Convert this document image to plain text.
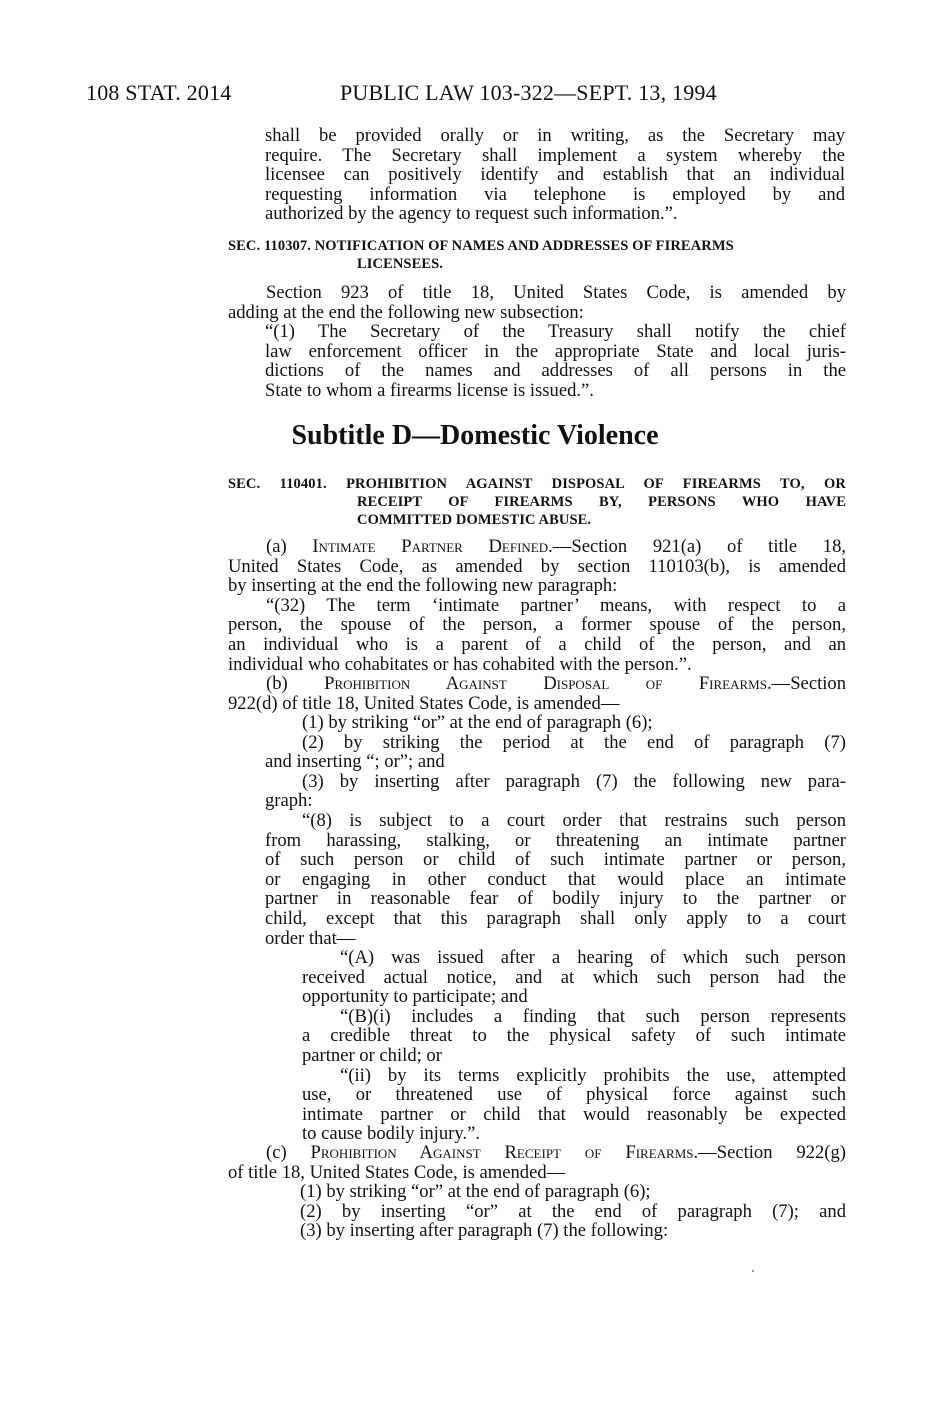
108 STAT. 2014	PUBLIC LAW 103-322—SEPT. 13, 1994
shall be provided orally or in writing, as the Secretary may
require. The Secretary shall implement a system whereby the
licensee can positively identify and establish that an individual
requesting information via telephone is employed by and
authorized by the agency to request such information.”.
SEC. 110307. NOTIFICATION OF NAMES AND ADDRESSES OF FIREARMS
LICENSEES.
Section 923 of title 18, United States Code, is amended by
adding at the end the following new subsection:
“(1) The Secretary of the Treasury shall notify the chief
law enforcement officer in the appropriate State and local juris-
dictions of the names and addresses of all persons in the
State to whom a firearms license is issued.”.
Subtitle D—Domestic Violence
SEC. 110401. PROHIBITION AGAINST DISPOSAL OF FIREARMS TO, OR
RECEIPT OF FIREARMS BY, PERSONS WHO HAVE
COMMITTED DOMESTIC ABUSE.
(a) Intimate Partner Defined.—Section 921(a) of title 18,
United States Code, as amended by section 110103(b), is amended
by inserting at the end the following new paragraph:
“(32) The term ‘intimate partner’ means, with respect to a
person, the spouse of the person, a former spouse of the person,
an individual who is a parent of a child of the person, and an
individual who cohabitates or has cohabited with the person.”.
(b) Prohibition Against Disposal of Firearms.—Section
922(d) of title 18, United States Code, is amended—
(1) by striking “or” at the end of paragraph (6);
(2) by striking the period at the end of paragraph (7)
and inserting “; or”; and
(3) by inserting after paragraph (7) the following new para-
graph:
“(8) is subject to a court order that restrains such person
from harassing, stalking, or threatening an intimate partner
of such person or child of such intimate partner or person,
or engaging in other conduct that would place an intimate
partner in reasonable fear of bodily injury to the partner or
child, except that this paragraph shall only apply to a court
order that—
“(A) was issued after a hearing of which such person
received actual notice, and at which such person had the
opportunity to participate; and
“(B)(i) includes a finding that such person represents
a credible threat to the physical safety of such intimate
partner or child; or
“(ii) by its terms explicitly prohibits the use, attempted
use, or threatened use of physical force against such
intimate partner or child that would reasonably be expected
to cause bodily injury.”.
(c) Prohibition Against Receipt of Firearms.—Section 922(g)
of title 18, United States Code, is amended—
(1) by striking “or” at the end of paragraph (6);
(2) by inserting “or” at the end of paragraph (7); and
(3) by inserting after paragraph (7) the following:
